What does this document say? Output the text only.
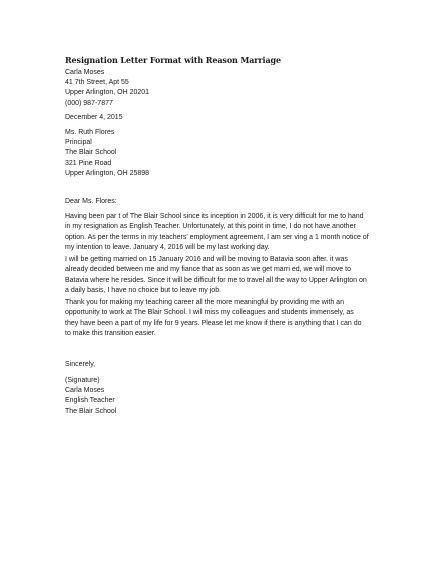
Resignation Letter Format with Reason Marriage
Carla Moses
41 7th Street, Apt 55
Upper Arlington, OH 20201
(000) 987-7877
December 4, 2015
Ms. Ruth Flores
Principal
The Blair School
321 Pine Road
Upper Arlington, OH 25898
Dear Ms. Flores:
Having been par t of The Blair School since its inception in 2006, it is very difficult for me to hand
in my resignation as English Teacher. Unfortunately, at this point in time, I do not have another
option. As per the terms in my teachers' employment agreement, I am ser ving a 1 month notice of
my intention to leave. January 4, 2016 will be my last working day.
I will be getting married on 15 January 2016 and will be moving to Batavia soon after. it was
already decided between me and my fiance that as soon as we get marri ed, we will move to
Batavia where he resides. Since it will be difficult for me to travel all the way to Upper Arlington on
a daily basis, I have no choice but to leave my job.
Thank you for making my teaching career all the more meaningful by providing me with an
opportunity to work at The Blair School. I will miss my colleagues and students immensely, as
they have been a part of my life for 9 years. Please let me know if there is anything that I can do
to make this transition easier.
Sincerely,
(Signature)
Carla Moses
English Teacher
The Blair School
